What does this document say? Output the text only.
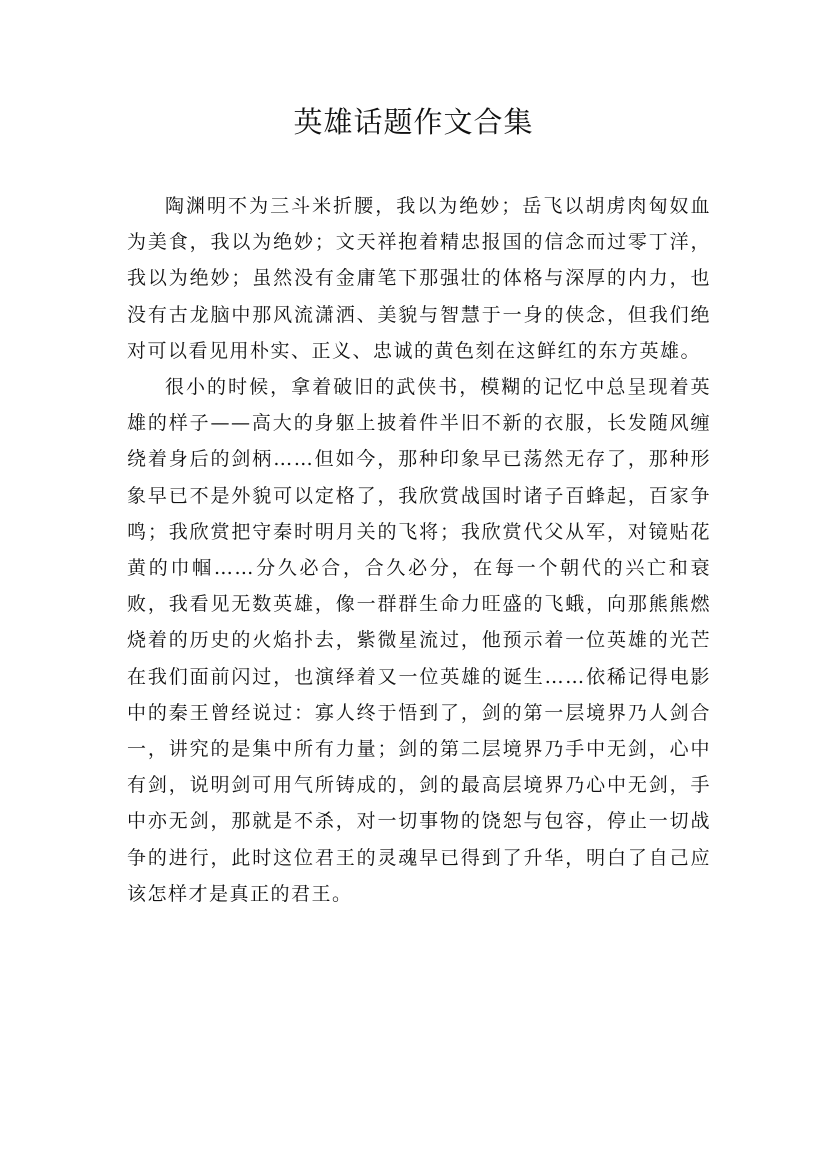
英雄话题作文合集

陶渊明不为三斗米折腰，我以为绝妙；岳飞以胡虏肉匈奴血为美食，我以为绝妙；文天祥抱着精忠报国的信念而过零丁洋，我以为绝妙；虽然没有金庸笔下那强壮的体格与深厚的内力，也没有古龙脑中那风流潇洒、美貌与智慧于一身的侠念，但我们绝对可以看见用朴实、正义、忠诚的黄色刻在这鲜红的东方英雄。

很小的时候，拿着破旧的武侠书，模糊的记忆中总呈现着英雄的样子——高大的身躯上披着件半旧不新的衣服，长发随风缠绕着身后的剑柄……但如今，那种印象早已荡然无存了，那种形象早已不是外貌可以定格了，我欣赏战国时诸子百蜂起，百家争鸣；我欣赏把守秦时明月关的飞将；我欣赏代父从军，对镜贴花黄的巾帼……分久必合，合久必分，在每一个朝代的兴亡和衰败，我看见无数英雄，像一群群生命力旺盛的飞蛾，向那熊熊燃烧着的历史的火焰扑去，紫微星流过，他预示着一位英雄的光芒在我们面前闪过，也演绎着又一位英雄的诞生……依稀记得电影中的秦王曾经说过：寡人终于悟到了，剑的第一层境界乃人剑合一，讲究的是集中所有力量；剑的第二层境界乃手中无剑，心中有剑，说明剑可用气所铸成的，剑的最高层境界乃心中无剑，手中亦无剑，那就是不杀，对一切事物的饶恕与包容，停止一切战争的进行，此时这位君王的灵魂早已得到了升华，明白了自己应该怎样才是真正的君王。
